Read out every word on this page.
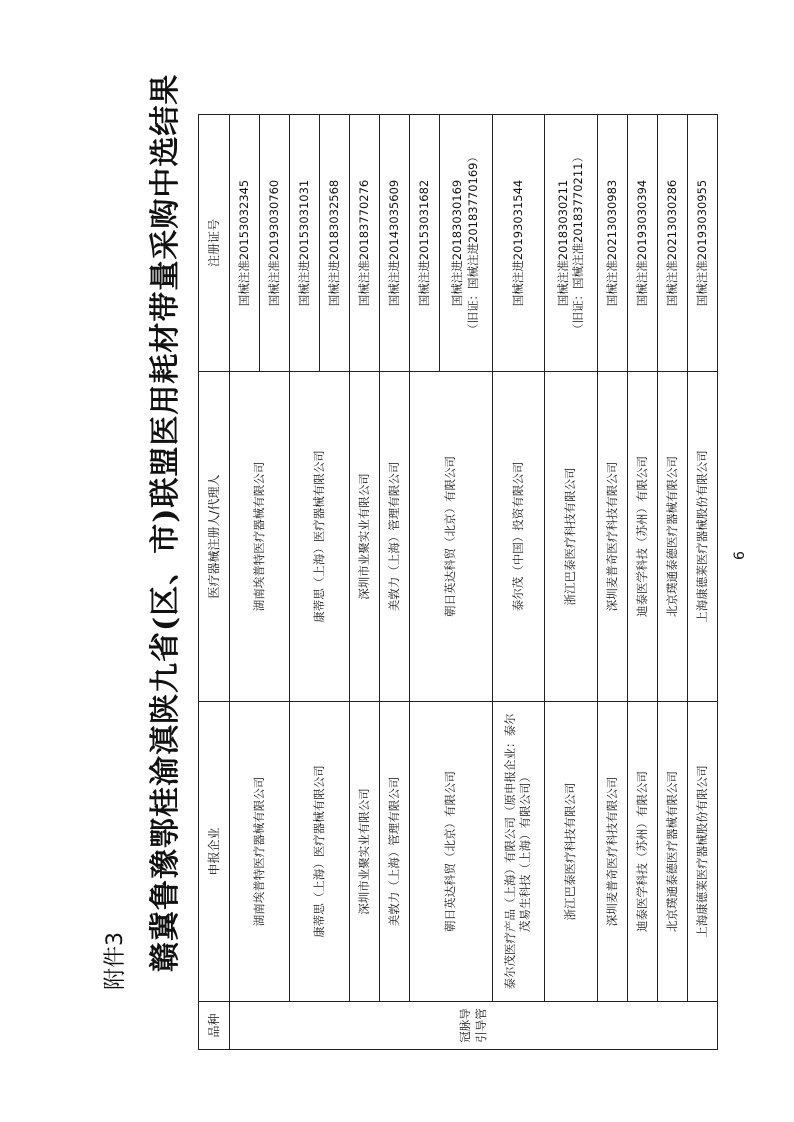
附件3 赣冀鲁豫鄂桂渝滇陕九省(区、市)联盟医用耗材带量采购中选结果
品种	申报企业	医疗器械注册人/代理人	注册证号
冠脉导引导管	湖南埃普特医疗器械有限公司	湖南埃普特医疗器械有限公司	国械注准20153032345

			国械注准20193030760

	康蒂思（上海）医疗器械有限公司	康蒂思（上海）医疗器械有限公司	国械注进20153031031

			国械注进20183032568

	深圳市业聚实业有限公司	深圳市业聚实业有限公司	国械注准20183770276

	美敦力（上海）管理有限公司	美敦力（上海）管理有限公司	国械注进20143035609

	朝日英达科贸（北京）有限公司	朝日英达科贸（北京）有限公司	国械注进20153031682

			国械注进20183030169 （旧证：国械注进20183770169）

	泰尔茂医疗产品（上海）有限公司（原申报企业：泰尔茂易生科技（上海）有限公司）	泰尔茂（中国）投资有限公司	国械注进20193031544

	浙江巴泰医疗科技有限公司	浙江巴泰医疗科技有限公司	国械注准20183030211 （旧证：国械注准20183770211）

	深圳麦普奇医疗科技有限公司	深圳麦普奇医疗科技有限公司	国械注准20213030983

	迪泰医学科技（苏州）有限公司	迪泰医学科技（苏州）有限公司	国械注准20193030394

	北京璞通泰德医疗器械有限公司	北京璞通泰德医疗器械有限公司	国械注准20213030286

	上海康德莱医疗器械股份有限公司	上海康德莱医疗器械股份有限公司	国械注准20193030955
6
